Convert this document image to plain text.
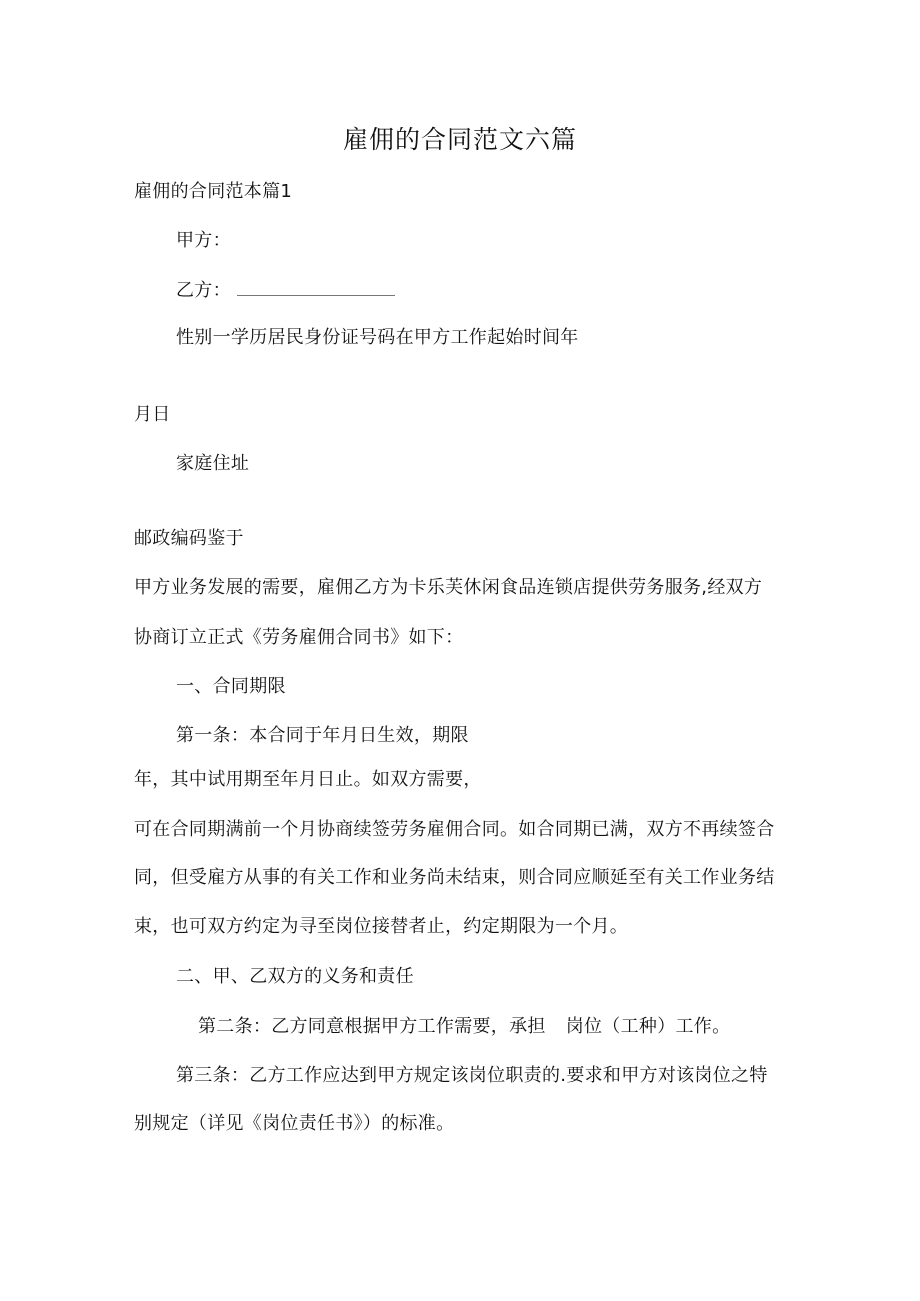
雇佣的合同范文六篇
雇佣的合同范本篇1
甲方：
乙方：
性别一学历居民身份证号码在甲方工作起始时间年
月日
家庭住址
邮政编码鉴于
甲方业务发展的需要，雇佣乙方为卡乐芙休闲食品连锁店提供劳务服务,经双方
协商订立正式《劳务雇佣合同书》如下：
一、合同期限
第一条：本合同于年月日生效，期限
年，其中试用期至年月日止。如双方需要，
可在合同期满前一个月协商续签劳务雇佣合同。如合同期已满，双方不再续签合
同，但受雇方从事的有关工作和业务尚未结束，则合同应顺延至有关工作业务结
束，也可双方约定为寻至岗位接替者止，约定期限为一个月。
二、甲、乙双方的义务和责任
第二条：乙方同意根据甲方工作需要，承担 岗位（工种）工作。
第三条：乙方工作应达到甲方规定该岗位职责的.要求和甲方对该岗位之特
别规定（详见《岗位责任书》）的标准。
